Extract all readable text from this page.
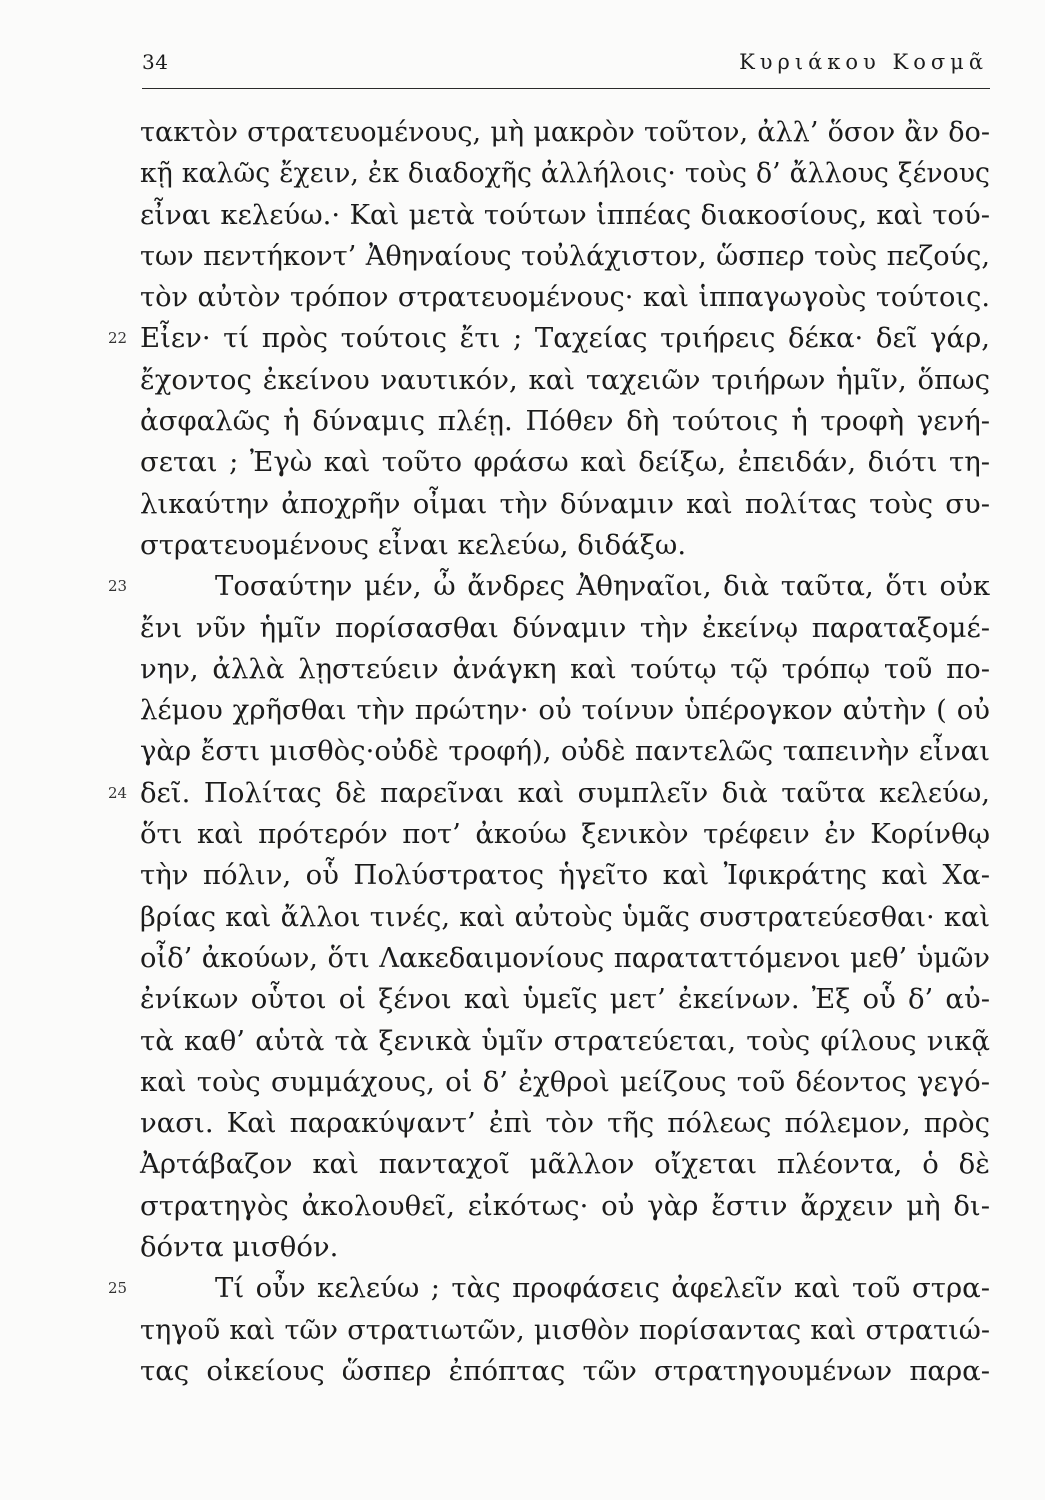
34	Κυριάκου Κοσμᾶ
τακτὸν στρατευομένους, μὴ μακρὸν τοῦτον, ἀλλ’ ὅσον ἂν δο-
κῇ καλῶς ἔχειν, ἐκ διαδοχῆς ἀλλήλοις· τοὺς δ’ ἄλλους ξένους
εἶναι κελεύω.· Καὶ μετὰ τούτων ἱππέας διακοσίους, καὶ τού-
των πεντήκοντ’ Ἀθηναίους τοὐλάχιστον, ὥσπερ τοὺς πεζούς,
τὸν αὐτὸν τρόπον στρατευομένους· καὶ ἱππαγωγοὺς τούτοις.
22 Εἶεν· τί πρὸς τούτοις ἔτι ; Ταχείας τριήρεις δέκα· δεῖ γάρ,
ἔχοντος ἐκείνου ναυτικόν, καὶ ταχειῶν τριήρων ἡμῖν, ὅπως
ἀσφαλῶς ἡ δύναμις πλέῃ. Πόθεν δὴ τούτοις ἡ τροφὴ γενή-
σεται ; Ἐγὼ καὶ τοῦτο φράσω καὶ δείξω, ἐπειδάν, διότι τη-
λικαύτην ἀποχρῆν οἶμαι τὴν δύναμιν καὶ πολίτας τοὺς συ-
στρατευομένους εἶναι κελεύω, διδάξω.
23	Τοσαύτην μέν, ὦ ἄνδρες Ἀθηναῖοι, διὰ ταῦτα, ὅτι οὐκ
ἔνι νῦν ἡμῖν πορίσασθαι δύναμιν τὴν ἐκείνῳ παραταξομέ-
νην, ἀλλὰ λῃστεύειν ἀνάγκη καὶ τούτῳ τῷ τρόπῳ τοῦ πο-
λέμου χρῆσθαι τὴν πρώτην· οὐ τοίνυν ὑπέρογκον αὐτὴν ( οὐ
γὰρ ἔστι μισθὸς·οὐδὲ τροφή), οὐδὲ παντελῶς ταπεινὴν εἶναι
24 δεῖ. Πολίτας δὲ παρεῖναι καὶ συμπλεῖν διὰ ταῦτα κελεύω,
ὅτι καὶ πρότερόν ποτ’ ἀκούω ξενικὸν τρέφειν ἐν Κορίνθῳ
τὴν πόλιν, οὗ Πολύστρατος ἡγεῖτο καὶ Ἰφικράτης καὶ Χα-
βρίας καὶ ἄλλοι τινές, καὶ αὐτοὺς ὑμᾶς συστρατεύεσθαι· καὶ
οἶδ’ ἀκούων, ὅτι Λακεδαιμονίους παραταττόμενοι μεθ’ ὑμῶν
ἐνίκων οὗτοι οἱ ξένοι καὶ ὑμεῖς μετ’ ἐκείνων. Ἐξ οὗ δ’ αὐ-
τὰ καθ’ αὑτὰ τὰ ξενικὰ ὑμῖν στρατεύεται, τοὺς φίλους νικᾷ
καὶ τοὺς συμμάχους, οἱ δ’ ἐχθροὶ μείζους τοῦ δέοντος γεγό-
νασι. Καὶ παρακύψαντ’ ἐπὶ τὸν τῆς πόλεως πόλεμον, πρὸς
Ἀρτάβαζον καὶ πανταχοῖ μᾶλλον οἴχεται πλέοντα, ὁ δὲ
στρατηγὸς ἀκολουθεῖ, εἰκότως· οὐ γὰρ ἔστιν ἄρχειν μὴ δι-
δόντα μισθόν.
25	Τί οὖν κελεύω ; τὰς προφάσεις ἀφελεῖν καὶ τοῦ στρα-
τηγοῦ καὶ τῶν στρατιωτῶν, μισθὸν πορίσαντας καὶ στρατιώ-
τας οἰκείους ὥσπερ ἐπόπτας τῶν στρατηγουμένων παρα-
